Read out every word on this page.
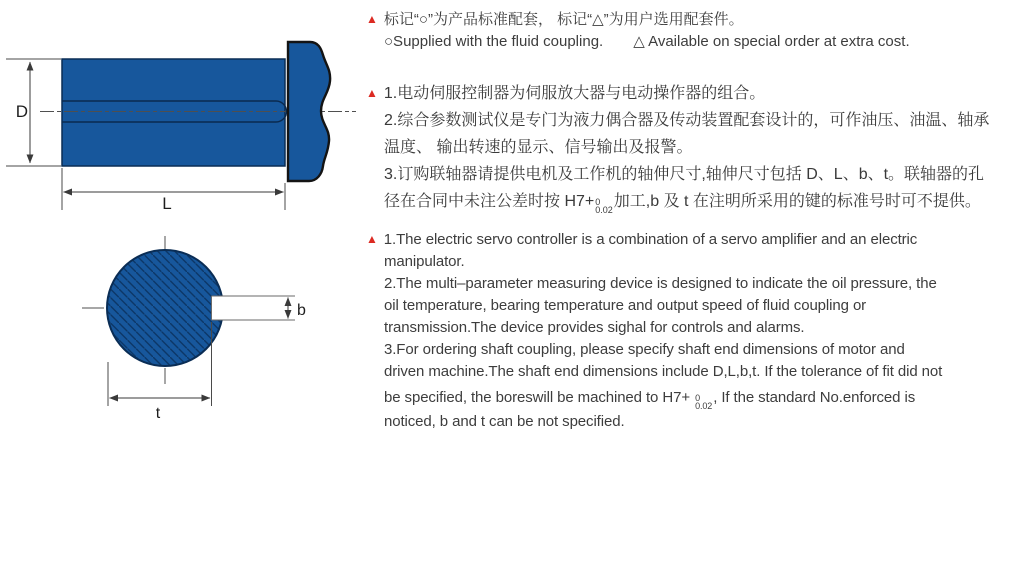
D
L
b
t
▲ 标记“○”为产品标准配套， 标记“△”为用户选用配套件。
○Supplied with the fluid coupling. △ Available on special order at extra cost.
▲ 1.电动伺服控制器为伺服放大器与电动操作器的组合。
2.综合参数测试仪是专门为液力偶合器及传动装置配套设计的，可作油压、油温、轴承
温度、 输出转速的显示、信号输出及报警。
3.订购联轴器请提供电机及工作机的轴伸尺寸,轴伸尺寸包括 D、L、b、t。联轴器的孔
径在合同中未注公差时按 H7+ 0
0.02 加工,b 及 t 在注明所采用的键的标准号时可不提供。
▲ 1.The electric servo controller is a combination of a servo amplifier and an electric
manipulator.
2.The multi–parameter measuring device is designed to indicate the oil pressure, the
oil temperature, bearing temperature and output speed of fluid coupling or
transmission.The device provides sighal for controls and alarms.
3.For ordering shaft coupling, please specify shaft end dimensions of motor and
driven machine.The shaft end dimensions include D,L,b,t. If the tolerance of fit did not
be specified, the boreswill be machined to H7+ 0
0.02 , If the standard No.enforced is
noticed, b and t can be not specified.
